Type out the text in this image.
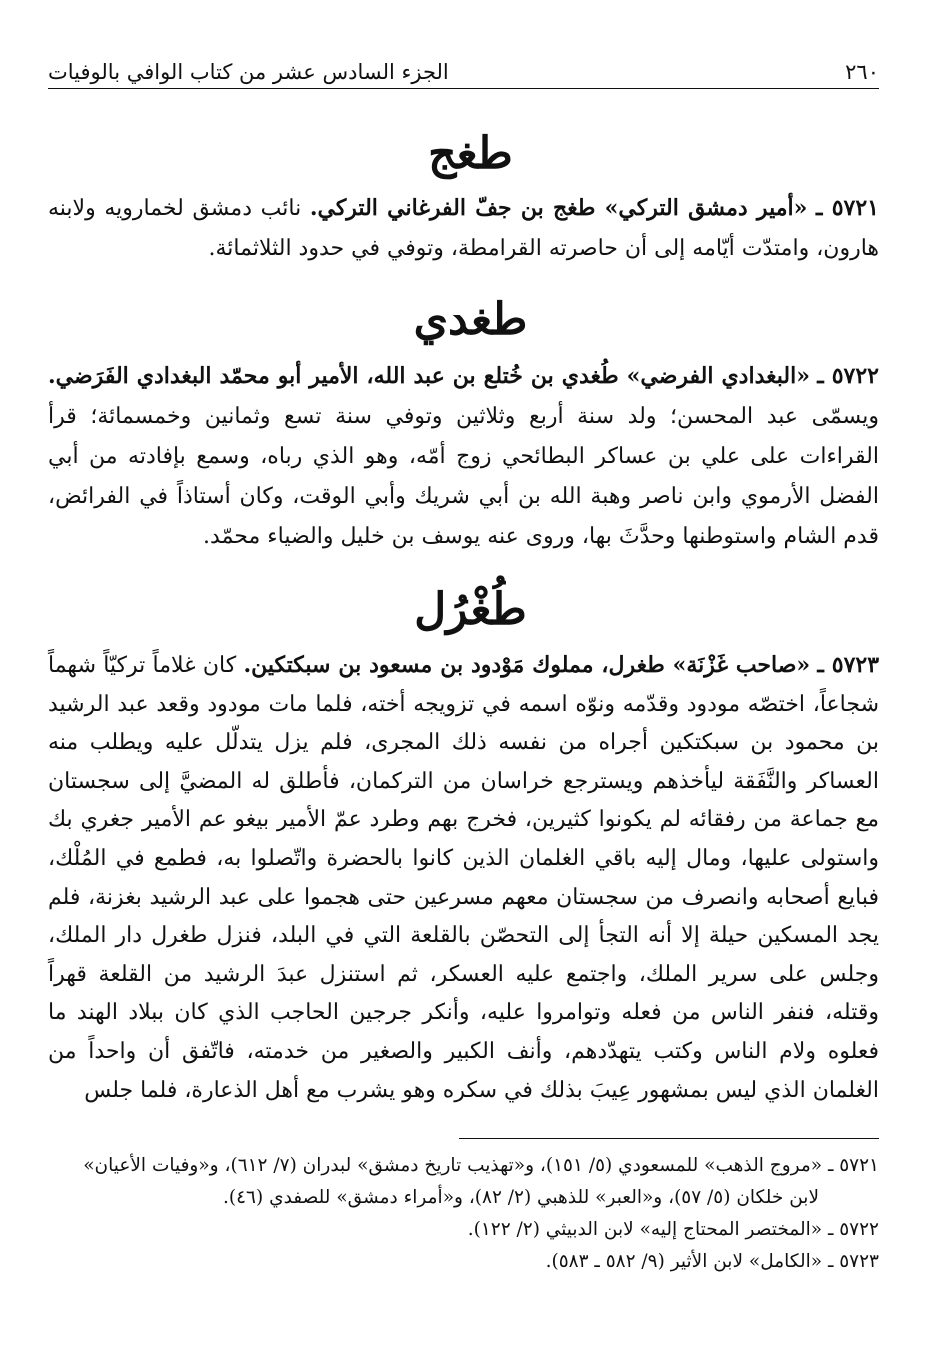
٢٦٠
الجزء السادس عشر من كتاب الوافي بالوفيات
طغج

٥٧٢١ ـ «أمير دمشق التركي» طغج بن جفّ الفرغاني التركي. نائب دمشق لخمارويه ولابنه هارون، وامتدّت أيّامه إلى أن حاصرته القرامطة، وتوفي في حدود الثلاثمائة.

طغدي

٥٧٢٢ ـ «البغدادي الفرضي» طُغدي بن خُتلع بن عبد الله، الأمير أبو محمّد البغدادي الفَرَضي. ويسمّى عبد المحسن؛ ولد سنة أربع وثلاثين وتوفي سنة تسع وثمانين وخمسمائة؛ قرأ القراءات على علي بن عساكر البطائحي زوج أمّه، وهو الذي رباه، وسمع بإفادته من أبي الفضل الأرموي وابن ناصر وهبة الله بن أبي شريك وأبي الوقت، وكان أستاذاً في الفرائض، قدم الشام واستوطنها وحدَّثَ بها، وروى عنه يوسف بن خليل والضياء محمّد.

طُغْرُل

٥٧٢٣ ـ «صاحب غَزْنَة» طغرل، مملوك مَوْدود بن مسعود بن سبكتكين. كان غلاماً تركيّاً شهماً شجاعاً، اختصّه مودود وقدّمه ونوّه اسمه في تزويجه أخته، فلما مات مودود وقعد عبد الرشيد بن محمود بن سبكتكين أجراه من نفسه ذلك المجرى، فلم يزل يتدلّل عليه ويطلب منه العساكر والنَّفَقة ليأخذهم ويسترجع خراسان من التركمان، فأطلق له المضيَّ إلى سجستان مع جماعة من رفقائه لم يكونوا كثيرين، فخرج بهم وطرد عمّ الأمير بيغو عم الأمير جغري بك واستولى عليها، ومال إليه باقي الغلمان الذين كانوا بالحضرة واتّصلوا به، فطمع في المُلْك، فبايع أصحابه وانصرف من سجستان معهم مسرعين حتى هجموا على عبد الرشيد بغزنة، فلم يجد المسكين حيلة إلا أنه التجأ إلى التحصّن بالقلعة التي في البلد، فنزل طغرل دار الملك، وجلس على سرير الملك، واجتمع عليه العسكر، ثم استنزل عبدَ الرشيد من القلعة قهراً وقتله، فنفر الناس من فعله وتوامروا عليه، وأنكر جرجين الحاجب الذي كان ببلاد الهند ما فعلوه ولام الناس وكتب يتهدّدهم، وأنف الكبير والصغير من خدمته، فاتّفق أن واحداً من الغلمان الذي ليس بمشهور عِيبَ بذلك في سكره وهو يشرب مع أهل الذعارة، فلما جلس

٥٧٢١ ـ «مروج الذهب» للمسعودي (٥/ ١٥١)، و«تهذيب تاريخ دمشق» لبدران (٧/ ٦١٢)، و«وفيات الأعيان»
لابن خلكان (٥/ ٥٧)، و«العبر» للذهبي (٢/ ٨٢)، و«أمراء دمشق» للصفدي (٤٦).

٥٧٢٢ ـ «المختصر المحتاج إليه» لابن الدبيثي (٢/ ١٢٢).

٥٧٢٣ ـ «الكامل» لابن الأثير (٩/ ٥٨٢ ـ ٥٨٣).
